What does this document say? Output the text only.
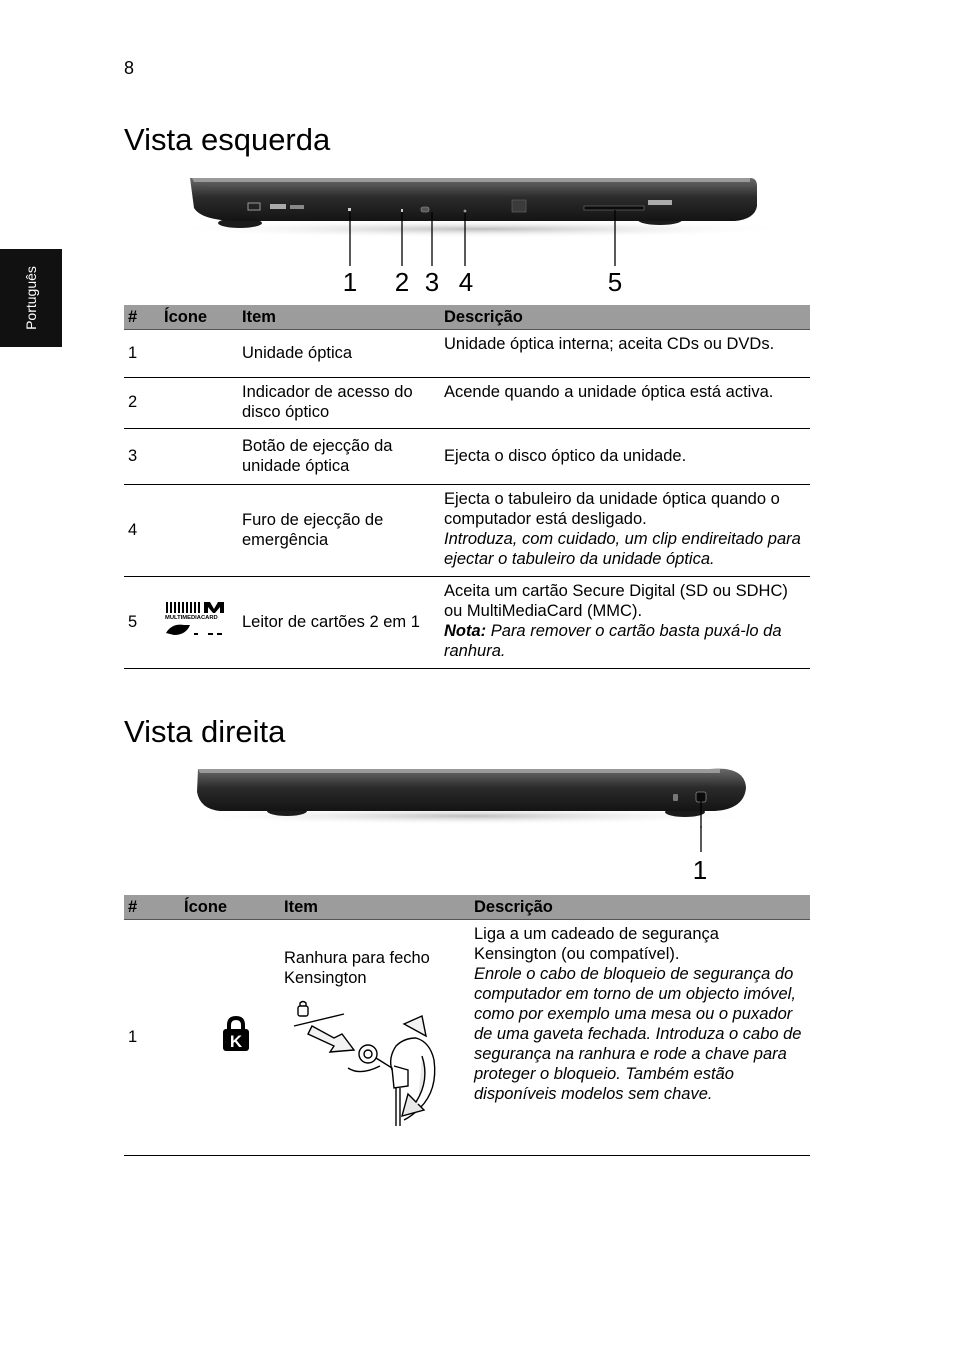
8
Português
Vista esquerda
1 2 3 4	5
#	Ícone	Item	Descrição
1		Unidade óptica	Unidade óptica interna; aceita CDs ou DVDs.
2		Indicador de acesso do disco óptico	Acende quando a unidade óptica está activa.
3		Botão de ejecção da unidade óptica	Ejecta o disco óptico da unidade.
4		Furo de ejecção de emergência	Ejecta o tabuleiro da unidade óptica quando o computador está desligado.
Introduza, com cuidado, um clip endireitado para ejectar o tabuleiro da unidade óptica.

5	MULTIMEDIACARD	Leitor de cartões 2 em 1	Aceita um cartão Secure Digital (SD ou SDHC) ou MultiMediaCard (MMC).
Nota: Para remover o cartão basta puxá-lo da ranhura.
Vista direita
1
#	Ícone	Item	Descrição
1	K	Ranhura para fecho Kensington	Liga a um cadeado de segurança Kensington (ou compatível).
Enrole o cabo de bloqueio de segurança do computador em torno de um objecto imóvel, como por exemplo uma mesa ou o puxador de uma gaveta fechada. Introduza o cabo de segurança na ranhura e rode a chave para proteger o bloqueio. Também estão disponíveis modelos sem chave.
